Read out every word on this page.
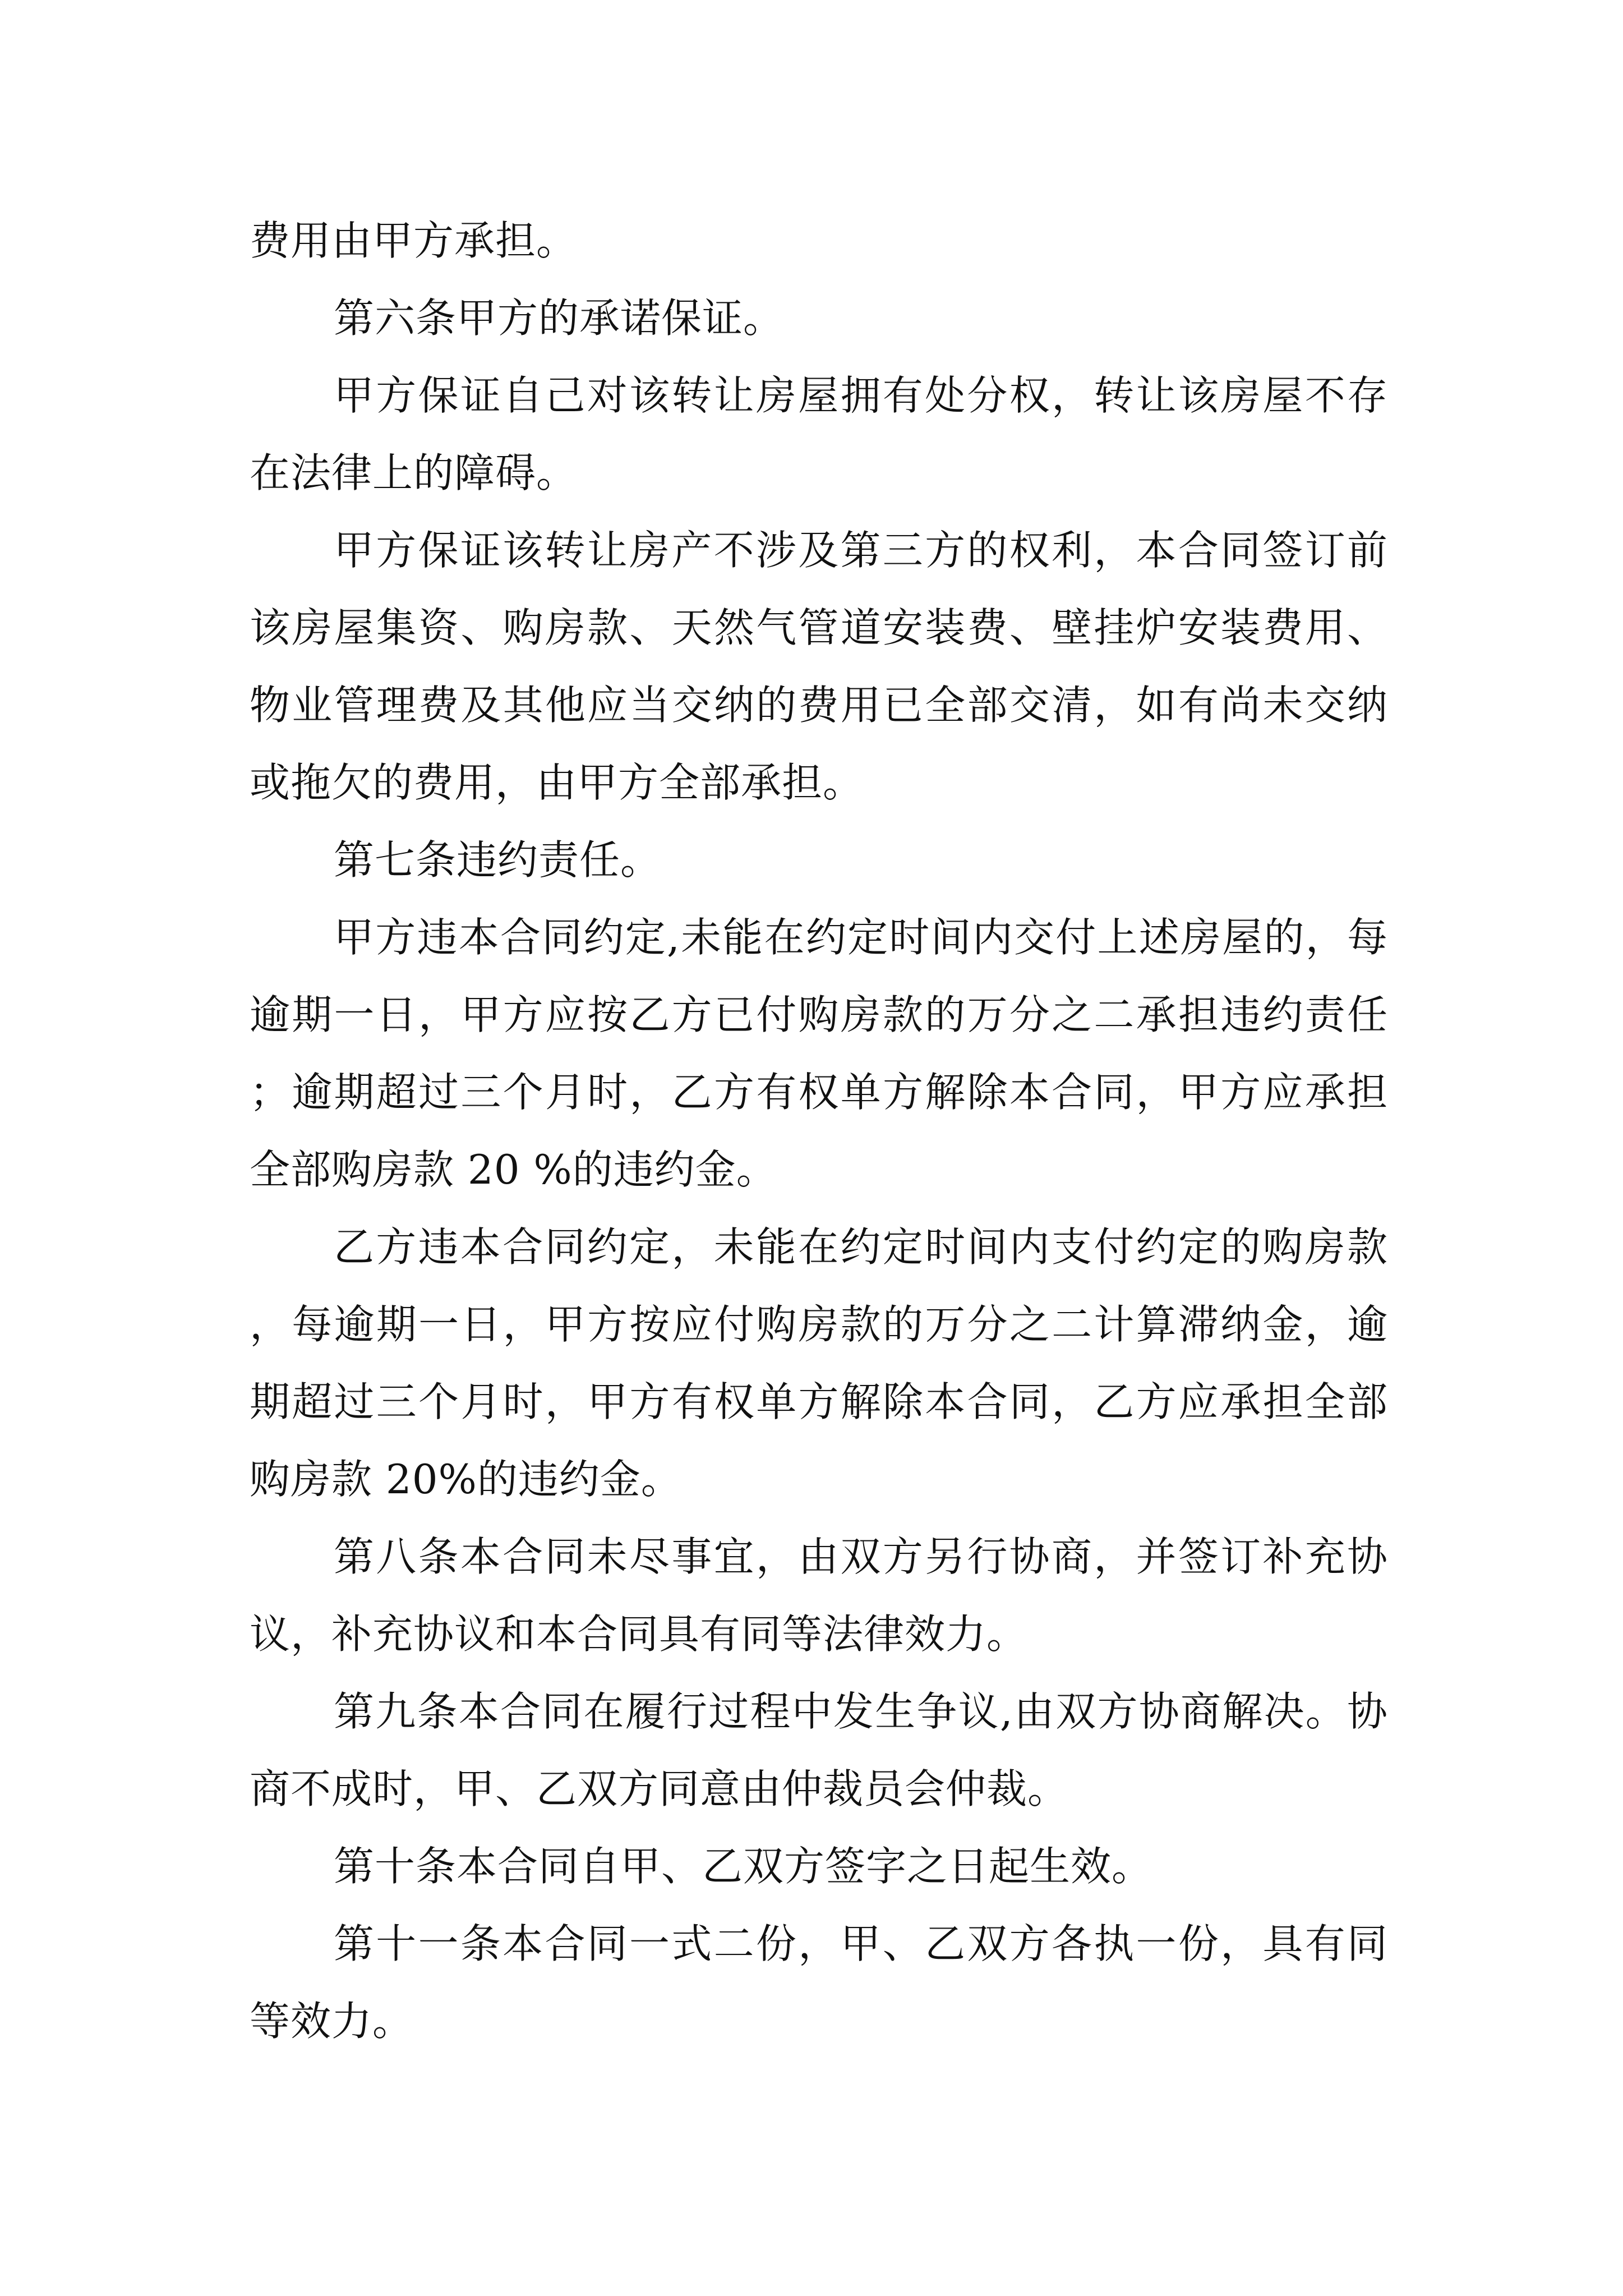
费用由甲方承担。

第六条甲方的承诺保证。

甲方保证自己对该转让房屋拥有处分权，转让该房屋不存在法律上的障碍。

甲方保证该转让房产不涉及第三方的权利，本合同签订前该房屋集资、购房款、天然气管道安装费、壁挂炉安装费用、物业管理费及其他应当交纳的费用已全部交清，如有尚未交纳或拖欠的费用，由甲方全部承担。

第七条违约责任。

甲方违本合同约定,未能在约定时间内交付上述房屋的，每逾期一日，甲方应按乙方已付购房款的万分之二承担违约责任；逾期超过三个月时，乙方有权单方解除本合同，甲方应承担全部购房款 20 %的违约金。

乙方违本合同约定，未能在约定时间内支付约定的购房款，每逾期一日，甲方按应付购房款的万分之二计算滞纳金，逾期超过三个月时，甲方有权单方解除本合同，乙方应承担全部购房款 20%的违约金。

第八条本合同未尽事宜，由双方另行协商，并签订补充协议，补充协议和本合同具有同等法律效力。

第九条本合同在履行过程中发生争议,由双方协商解决。协商不成时，甲、乙双方同意由仲裁员会仲裁。

第十条本合同自甲、乙双方签字之日起生效。

第十一条本合同一式二份，甲、乙双方各执一份，具有同等效力。
